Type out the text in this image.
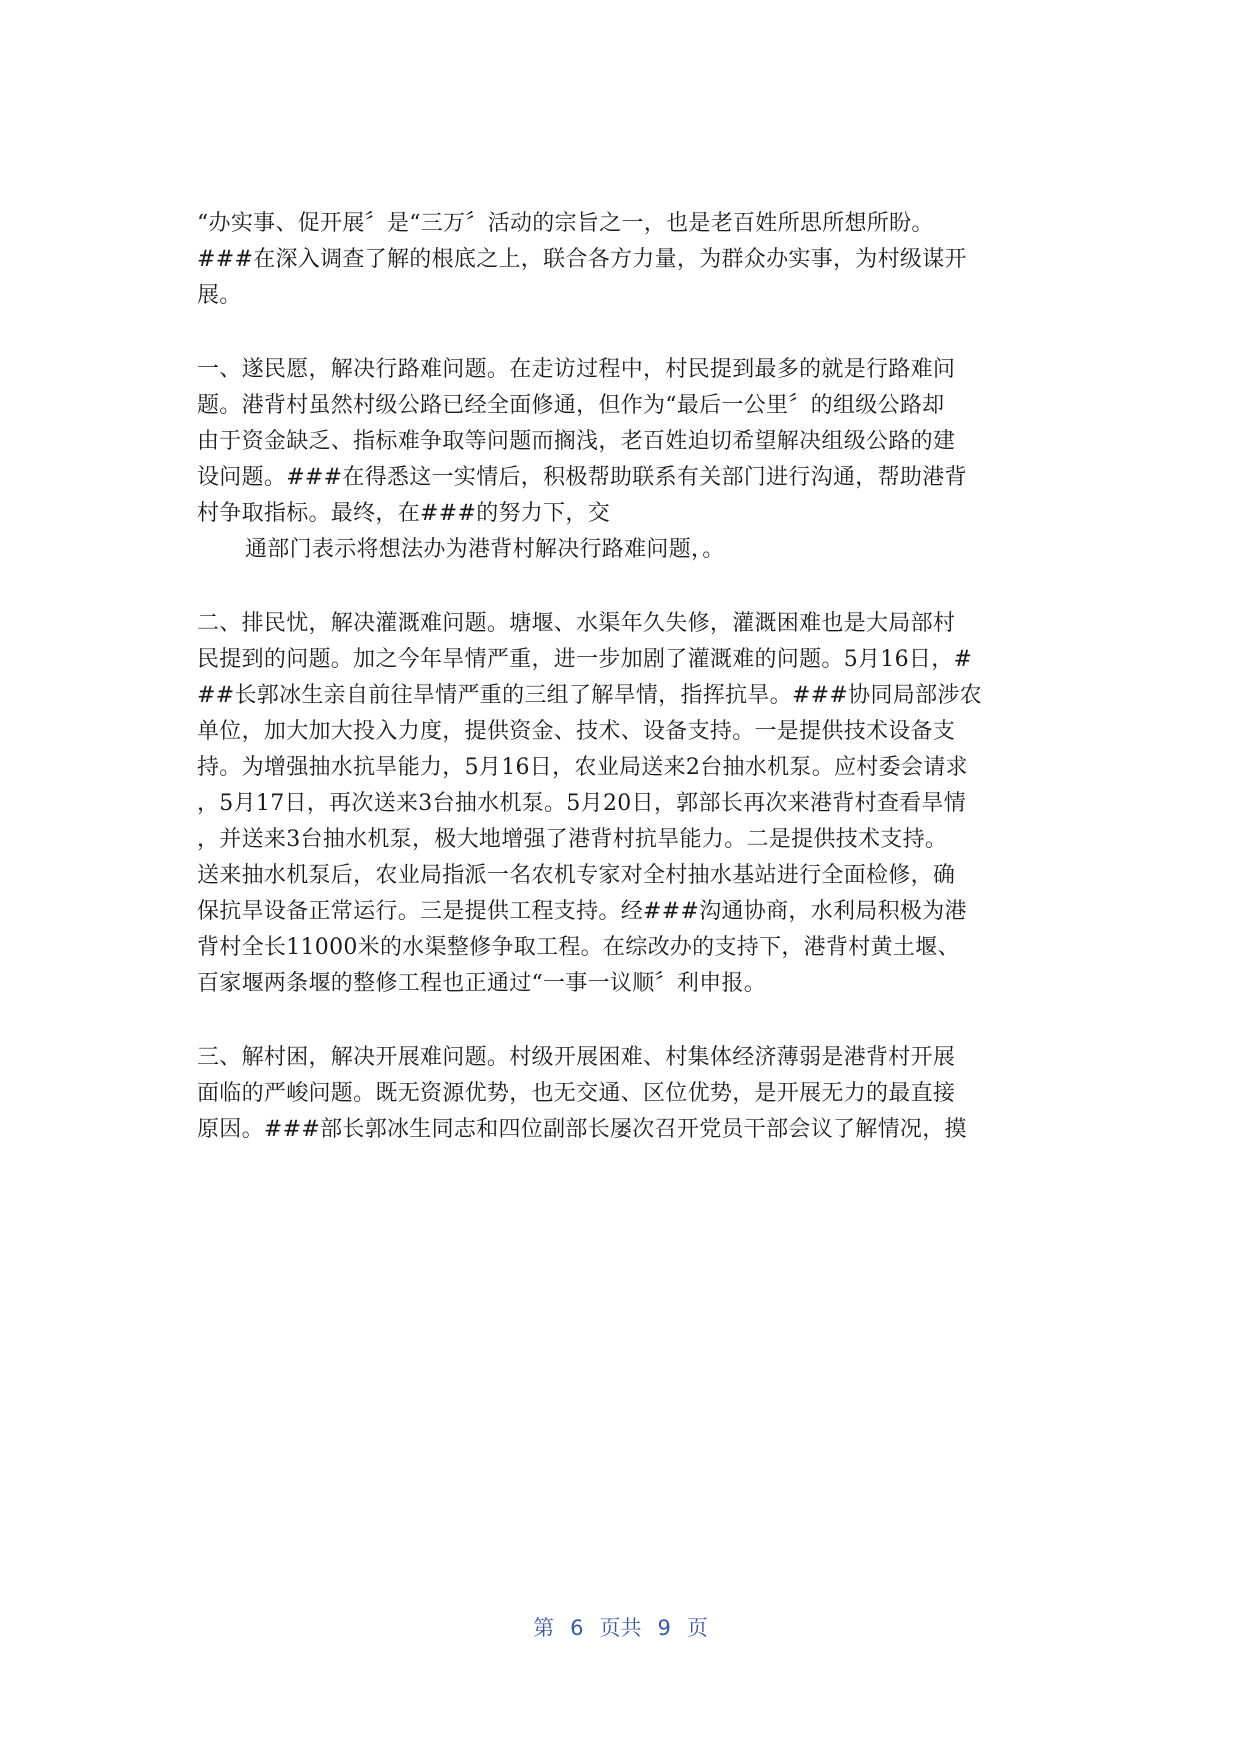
“办实事、促开展〞是“三万〞活动的宗旨之一，也是老百姓所思所想所盼。
###在深入调查了解的根底之上，联合各方力量，为群众办实事，为村级谋开
展。
一、遂民愿，解决行路难问题。在走访过程中，村民提到最多的就是行路难问
题。港背村虽然村级公路已经全面修通，但作为“最后一公里〞的组级公路却
由于资金缺乏、指标难争取等问题而搁浅，老百姓迫切希望解决组级公路的建
设问题。###在得悉这一实情后，积极帮助联系有关部门进行沟通，帮助港背
村争取指标。最终，在###的努力下，交
通部门表示将想法办为港背村解决行路难问题，。
二、排民忧，解决灌溉难问题。塘堰、水渠年久失修，灌溉困难也是大局部村
民提到的问题。加之今年旱情严重，进一步加剧了灌溉难的问题。5月16日，#
##长郭冰生亲自前往旱情严重的三组了解旱情，指挥抗旱。###协同局部涉农
单位，加大加大投入力度，提供资金、技术、设备支持。一是提供技术设备支
持。为增强抽水抗旱能力，5月16日，农业局送来2台抽水机泵。应村委会请求
，5月17日，再次送来3台抽水机泵。5月20日，郭部长再次来港背村查看旱情
，并送来3台抽水机泵，极大地增强了港背村抗旱能力。二是提供技术支持。
送来抽水机泵后，农业局指派一名农机专家对全村抽水基站进行全面检修，确
保抗旱设备正常运行。三是提供工程支持。经###沟通协商，水利局积极为港
背村全长11000米的水渠整修争取工程。在综改办的支持下，港背村黄土堰、
百家堰两条堰的整修工程也正通过“一事一议顺〞利申报。
三、解村困，解决开展难问题。村级开展困难、村集体经济薄弱是港背村开展
面临的严峻问题。既无资源优势，也无交通、区位优势，是开展无力的最直接
原因。###部长郭冰生同志和四位副部长屡次召开党员干部会议了解情况，摸
第 6 页共 9 页
